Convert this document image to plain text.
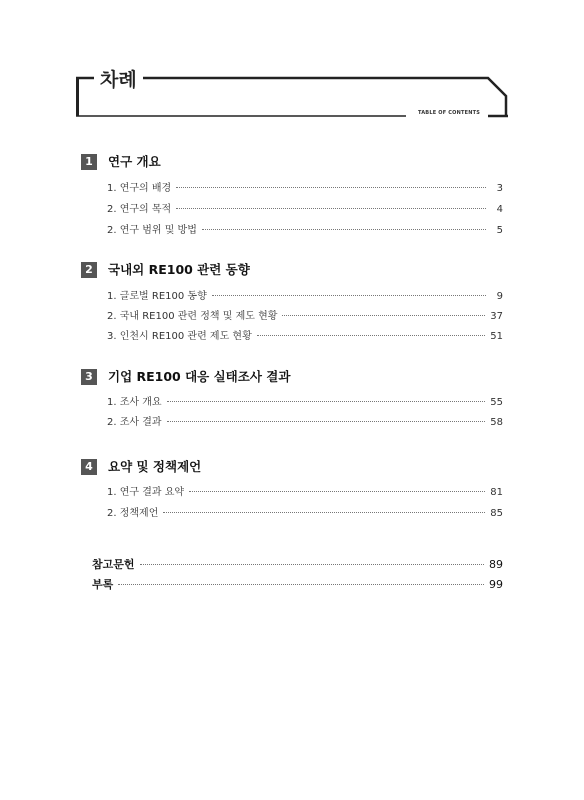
차례
TABLE OF CONTENTS
1	연구 개요
1. 연구의 배경	3
2. 연구의 목적	4
2. 연구 범위 및 방법	5
2	국내외 RE100 관련 동향
1. 글로벌 RE100 동향	9
2. 국내 RE100 관련 정책 및 제도 현황	37
3. 인천시 RE100 관련 제도 현황	51
3	기업 RE100 대응 실태조사 결과
1. 조사 개요	55
2. 조사 결과	58
4	요약 및 정책제언
1. 연구 결과 요약	81
2. 정책제언	85
참고문헌	89
부록	99
